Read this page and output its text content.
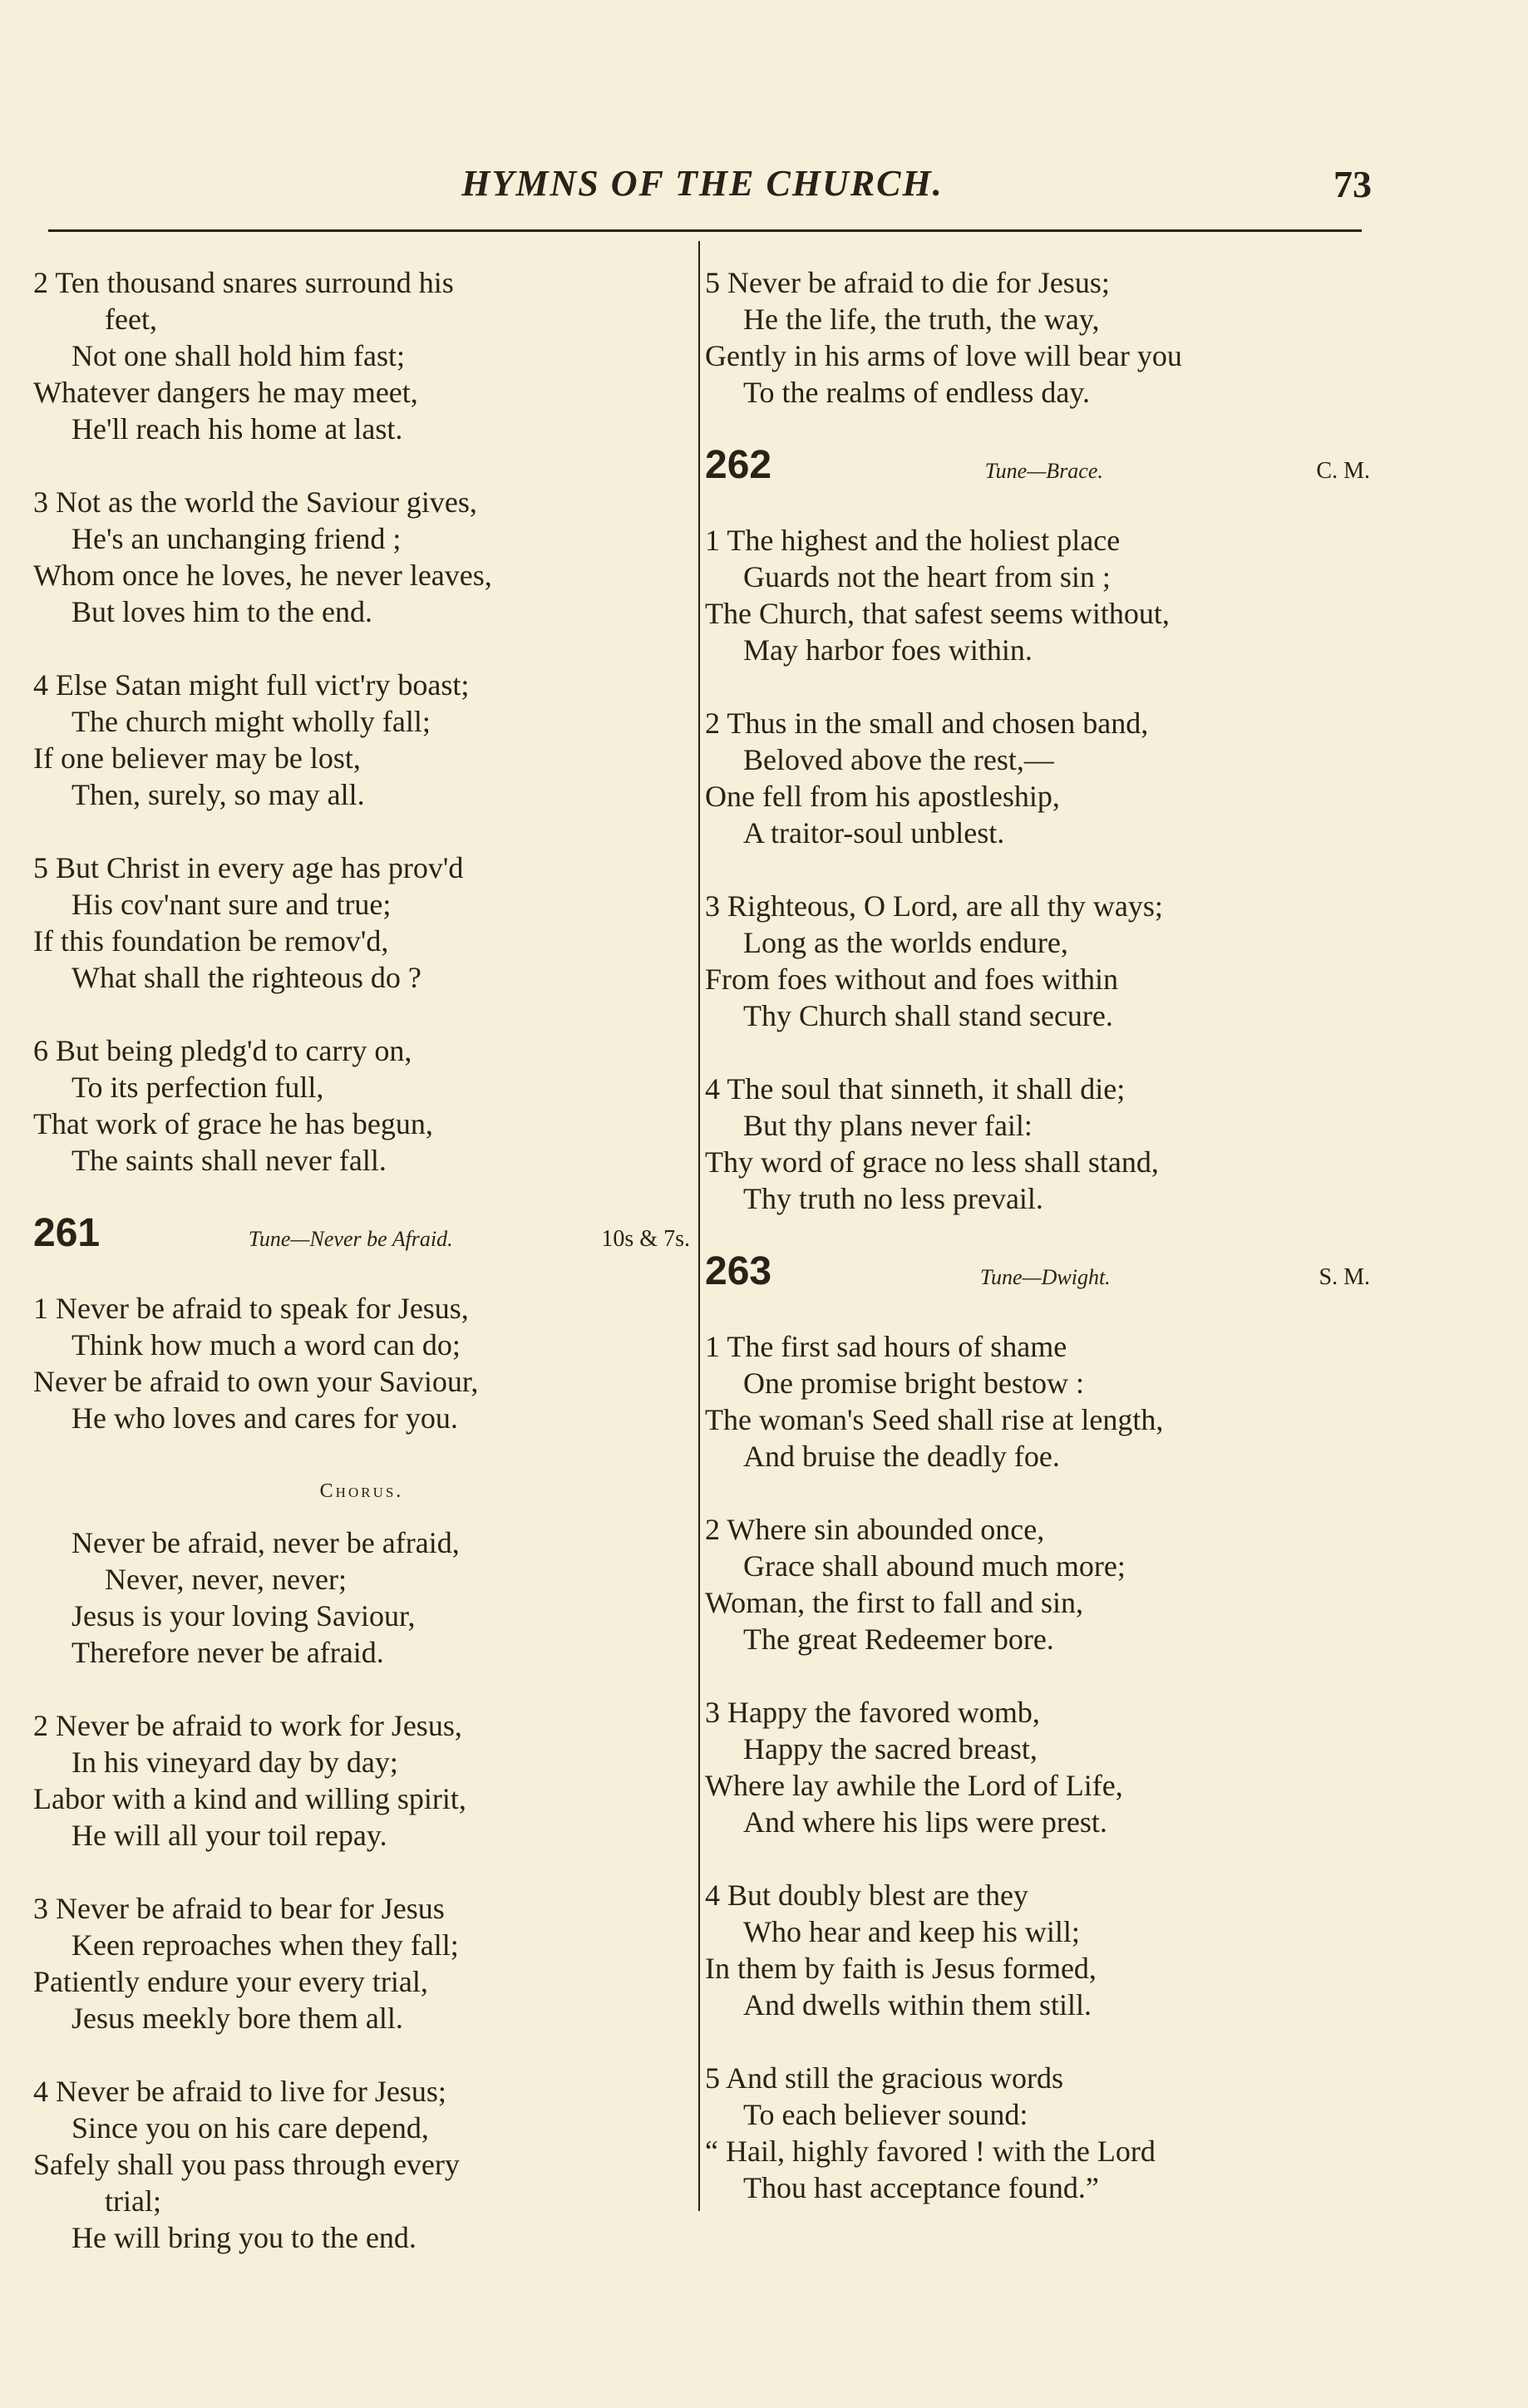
HYMNS OF THE CHURCH.	73
2 Ten thousand snares surround his
feet,
Not one shall hold him fast;
Whatever dangers he may meet,
He'll reach his home at last.
3 Not as the world the Saviour gives,
He's an unchanging friend ;
Whom once he loves, he never leaves,
But loves him to the end.
4 Else Satan might full vict'ry boast;
The church might wholly fall;
If one believer may be lost,
Then, surely, so may all.
5 But Christ in every age has prov'd
His cov'nant sure and true;
If this foundation be remov'd,
What shall the righteous do ?
6 But being pledg'd to carry on,
To its perfection full,
That work of grace he has begun,
The saints shall never fall.
261	Tune—Never be Afraid.	10s & 7s.
1 Never be afraid to speak for Jesus,
Think how much a word can do;
Never be afraid to own your Saviour,
He who loves and cares for you.
Chorus.
Never be afraid, never be afraid,
Never, never, never;
Jesus is your loving Saviour,
Therefore never be afraid.
2 Never be afraid to work for Jesus,
In his vineyard day by day;
Labor with a kind and willing spirit,
He will all your toil repay.
3 Never be afraid to bear for Jesus
Keen reproaches when they fall;
Patiently endure your every trial,
Jesus meekly bore them all.
4 Never be afraid to live for Jesus;
Since you on his care depend,
Safely shall you pass through every
trial;
He will bring you to the end.
5 Never be afraid to die for Jesus;
He the life, the truth, the way,
Gently in his arms of love will bear you
To the realms of endless day.
262	Tune—Brace.	C. M.
1 The highest and the holiest place
Guards not the heart from sin ;
The Church, that safest seems without,
May harbor foes within.
2 Thus in the small and chosen band,
Beloved above the rest,—
One fell from his apostleship,
A traitor-soul unblest.
3 Righteous, O Lord, are all thy ways;
Long as the worlds endure,
From foes without and foes within
Thy Church shall stand secure.
4 The soul that sinneth, it shall die;
But thy plans never fail:
Thy word of grace no less shall stand,
Thy truth no less prevail.
263	Tune—Dwight.	S. M.
1 The first sad hours of shame
One promise bright bestow :
The woman's Seed shall rise at length,
And bruise the deadly foe.
2 Where sin abounded once,
Grace shall abound much more;
Woman, the first to fall and sin,
The great Redeemer bore.
3 Happy the favored womb,
Happy the sacred breast,
Where lay awhile the Lord of Life,
And where his lips were prest.
4 But doubly blest are they
Who hear and keep his will;
In them by faith is Jesus formed,
And dwells within them still.
5 And still the gracious words
To each believer sound:
“ Hail, highly favored ! with the Lord
Thou hast acceptance found.”
